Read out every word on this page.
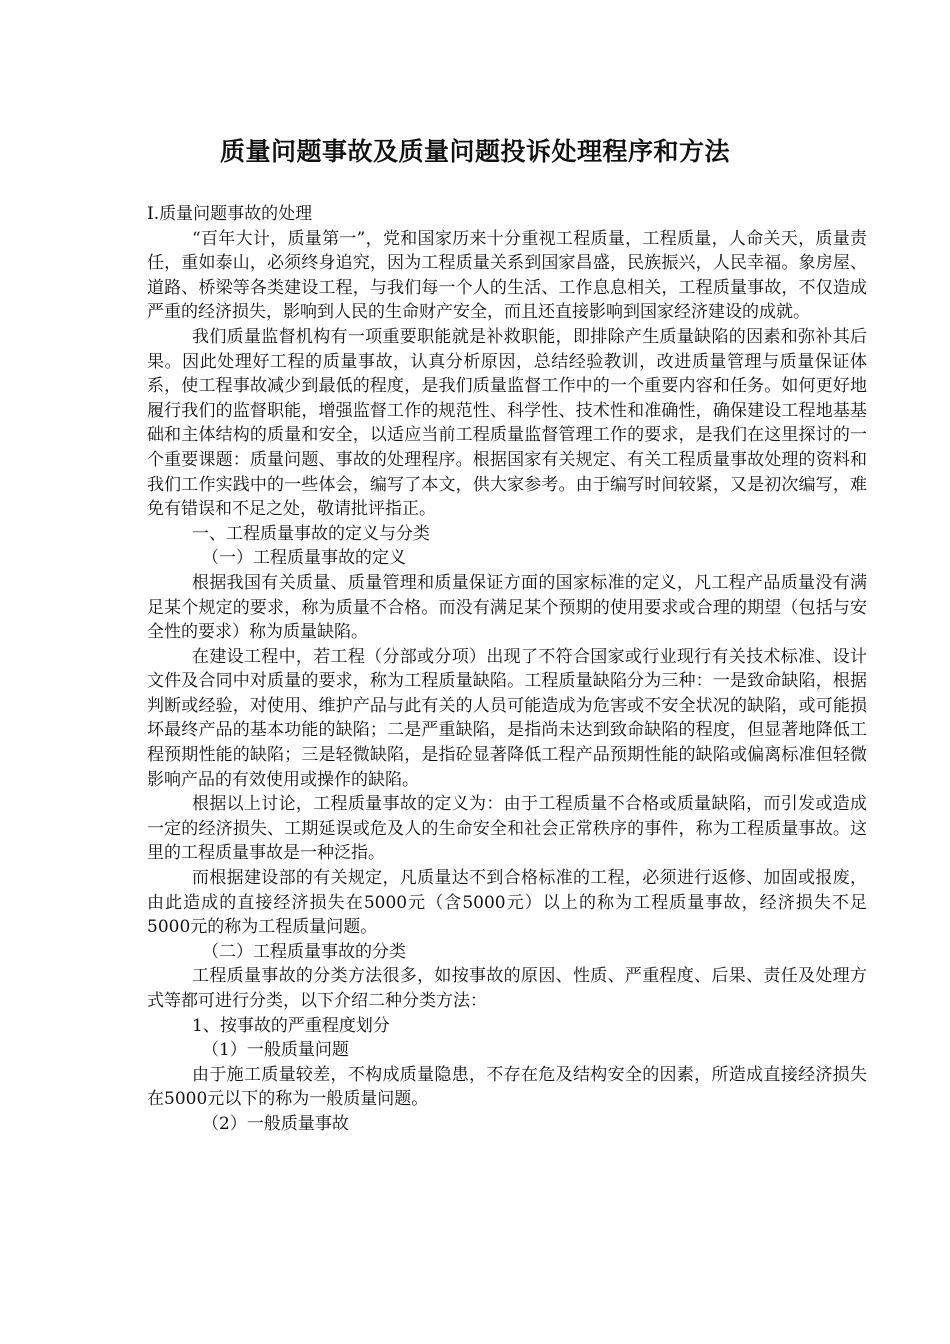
质量问题事故及质量问题投诉处理程序和方法

Ⅰ.质量问题事故的处理

“百年大计，质量第一”，党和国家历来十分重视工程质量，工程质量，人命关天，质量责任，重如泰山，必须终身追究，因为工程质量关系到国家昌盛，民族振兴，人民幸福。象房屋、道路、桥梁等各类建设工程，与我们每一个人的生活、工作息息相关，工程质量事故，不仅造成严重的经济损失，影响到人民的生命财产安全，而且还直接影响到国家经济建设的成就。

我们质量监督机构有一项重要职能就是补救职能，即排除产生质量缺陷的因素和弥补其后果。因此处理好工程的质量事故，认真分析原因，总结经验教训，改进质量管理与质量保证体系，使工程事故减少到最低的程度，是我们质量监督工作中的一个重要内容和任务。如何更好地履行我们的监督职能，增强监督工作的规范性、科学性、技术性和准确性，确保建设工程地基基础和主体结构的质量和安全，以适应当前工程质量监督管理工作的要求，是我们在这里探讨的一个重要课题：质量问题、事故的处理程序。根据国家有关规定、有关工程质量事故处理的资料和我们工作实践中的一些体会，编写了本文，供大家参考。由于编写时间较紧，又是初次编写，难免有错误和不足之处，敬请批评指正。

一、工程质量事故的定义与分类

（一）工程质量事故的定义

根据我国有关质量、质量管理和质量保证方面的国家标准的定义，凡工程产品质量没有满足某个规定的要求，称为质量不合格。而没有满足某个预期的使用要求或合理的期望（包括与安全性的要求）称为质量缺陷。

在建设工程中，若工程（分部或分项）出现了不符合国家或行业现行有关技术标准、设计文件及合同中对质量的要求，称为工程质量缺陷。工程质量缺陷分为三种：一是致命缺陷，根据判断或经验，对使用、维护产品与此有关的人员可能造成为危害或不安全状况的缺陷，或可能损坏最终产品的基本功能的缺陷；二是严重缺陷，是指尚未达到致命缺陷的程度，但显著地降低工程预期性能的缺陷；三是轻微缺陷，是指砼显著降低工程产品预期性能的缺陷或偏离标准但轻微影响产品的有效使用或操作的缺陷。

根据以上讨论，工程质量事故的定义为：由于工程质量不合格或质量缺陷，而引发或造成一定的经济损失、工期延误或危及人的生命安全和社会正常秩序的事件，称为工程质量事故。这里的工程质量事故是一种泛指。

而根据建设部的有关规定，凡质量达不到合格标准的工程，必须进行返修、加固或报废，由此造成的直接经济损失在5000元（含5000元）以上的称为工程质量事故，经济损失不足5000元的称为工程质量问题。

（二）工程质量事故的分类

工程质量事故的分类方法很多，如按事故的原因、性质、严重程度、后果、责任及处理方式等都可进行分类，以下介绍二种分类方法：

1、按事故的严重程度划分

（1）一般质量问题

由于施工质量较差，不构成质量隐患，不存在危及结构安全的因素，所造成直接经济损失在5000元以下的称为一般质量问题。

（2）一般质量事故
